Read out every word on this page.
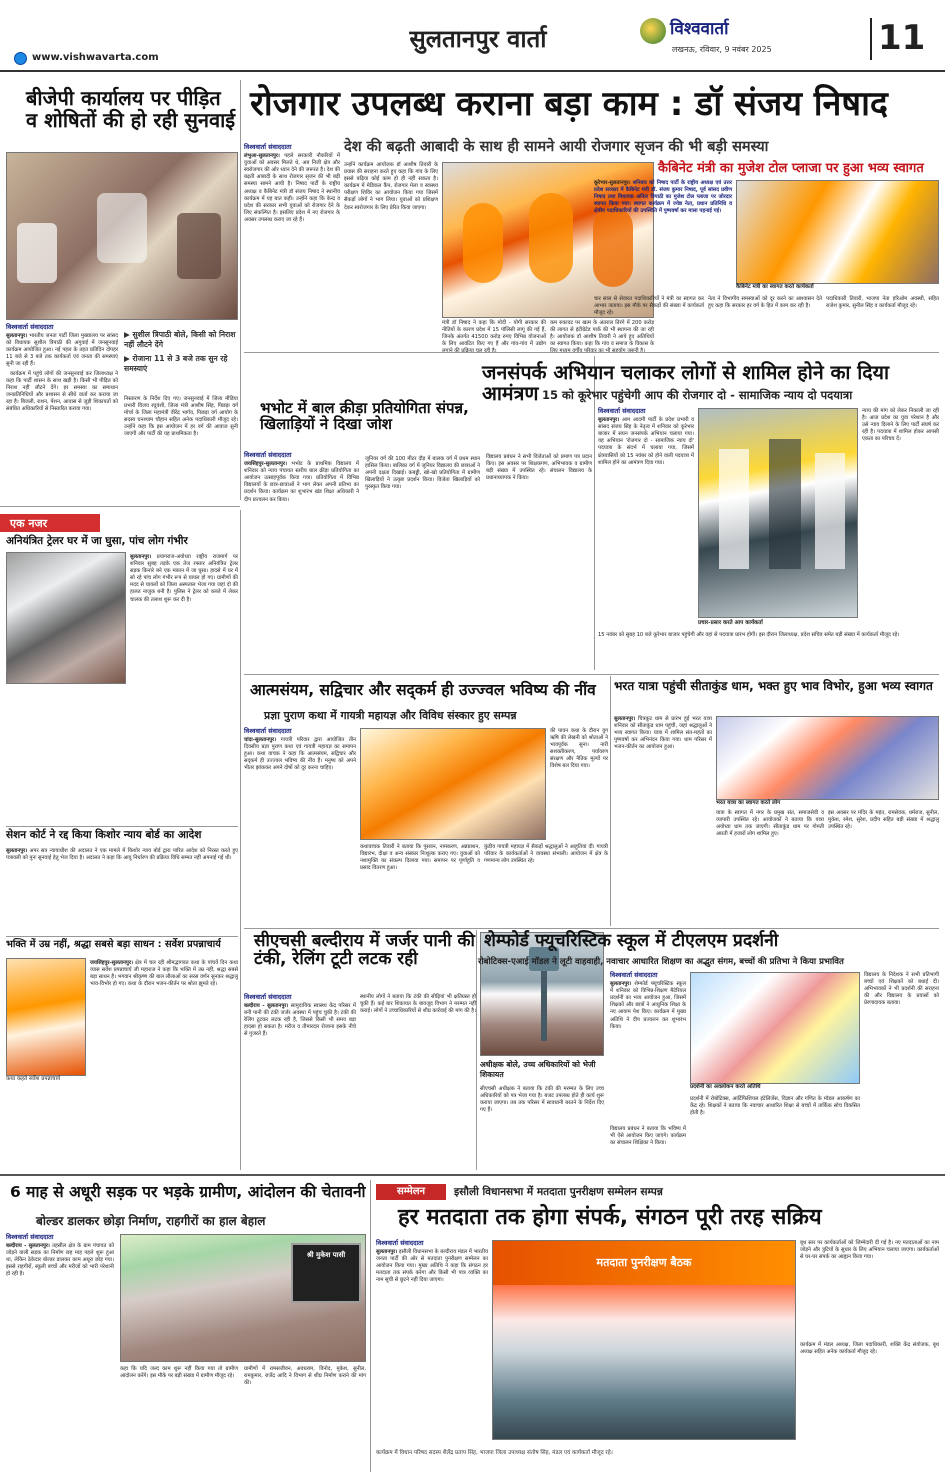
सुलतानपुर वार्ता	विश्ववार्ता
लखनऊ, रविवार, 9 नवंबर 2025	11
www.vishwavarta.com
बीजेपी कार्यालय पर पीड़ित व शोषितों की हो रही सुनवाई
विश्ववार्ता संवाददाता
सुलतानपुर। भारतीय जनता पार्टी जिला मुख्यालय पर सांसद को विधायक सुशील त्रिपाठी की अगुवाई में जनसुनवाई कार्यक्रम आयोजित हुआ। नई पहल के तहत प्रतिदिन दोपहर 11 बजे से 3 बजे तक कार्यकर्ता एवं जनता की समस्याएं सुनी जा रही हैं।

कार्यक्रम में पहुंचे लोगों की जनसुनवाई कर जिलाध्यक्ष ने कहा कि पार्टी शासन के साथ खड़ी है। किसी भी पीड़ित को निराश नहीं लौटने देंगे। हर समस्या का समाधान जनप्रतिनिधियों और प्रशासन से सीधे वार्ता कर कराया जा रहा है। बिजली, राशन, पेंशन, आवास से जुड़ी शिकायतों को संबंधित अधिकारियों से निस्तारित कराया गया।

▶ सुशील त्रिपाठी बोले, किसी को निराश नहीं लौटने देंगे
▶ रोजाना 11 से 3 बजे तक सुन रहे समस्याएं
निस्तारण के निर्देश दिए गए। जनसुनवाई में जिला मीडिया प्रभारी विजय रघुवंशी, जिला मंत्री आशीष सिंह, पिछड़ा वर्ग मोर्चा के जिला महामंत्री वीरेंद्र भार्गव, पिछड़ा वर्ग आयोग के सदस्य घनश्याम चौहान सहित अनेक पदाधिकारी मौजूद रहे। उन्होंने कहा कि इस आयोजन में हर वर्ग की आवाज सुनी जाएगी और पार्टी की यह प्राथमिकता है।
रोजगार उपलब्ध कराना बड़ा काम : डॉ संजय निषाद
देश की बढ़ती आबादी के साथ ही सामने आयी रोजगार सृजन की भी बड़ी समस्या
विश्ववार्ता संवाददाता
लंभुआ-सुलतानपुर। पहले सरकारी नौकरियों में युवाओं को अवसर मिलते थे, अब निजी क्षेत्र और स्वरोजगार की ओर ध्यान देने की जरूरत है। देश की बढ़ती आबादी के साथ रोजगार सृजन की भी बड़ी समस्या सामने आयी है। निषाद पार्टी के राष्ट्रीय अध्यक्ष व कैबिनेट मंत्री डॉ संजय निषाद ने स्थानीय कार्यक्रम में यह बात कही। उन्होंने कहा कि केन्द्र व प्रदेश की सरकार सभी युवाओं को रोजगार देने के लिए संकल्पित है। इसलिए प्रदेश में नए रोजगार के अवसर उपलब्ध कराए जा रहे हैं।
उन्होंने कार्यक्रम आयोजक डॉ आशीष तिवारी के प्रयास की सराहना करते हुए कहा कि गांव के लिए इससे बढ़िया कोई काम हो ही नहीं सकता है। कार्यक्रम में मेडिकल कैंप, रोजगार मेला व स्वास्थ्य परीक्षण शिविर का आयोजन किया गया जिसमें सैकड़ों लोगों ने भाग लिया। युवाओं को प्रशिक्षण देकर स्वरोजगार के लिए प्रेरित किया जाएगा।
मंत्री डॉ निषाद ने कहा कि मोदी - योगी सरकार की नीतियों के कारण प्रदेश में 15 पॉलिसी लागू की गई हैं, जिनके अंतर्गत 41500 करोड़ रुपए विभिन्न योजनाओं के लिए आवंटित किए गए हैं और गांव-गांव में उद्योग
कम रुकावट पर खत्म के अंतराल तिरंगे में 200 करोड़ की लागत से इंटीग्रेटेड पार्क की भी स्थापना की जा रही है। आयोजक डॉ आशीष तिवारी ने आये हुए अतिथियों का स्वागत किया। कहा कि गांव व समाज के विकास के
कैबिनेट मंत्री का मुजेश टोल प्लाजा पर हुआ भव्य स्वागत
कूरेभार-सुलतानपुर। शनिवार को निषाद पार्टी के राष्ट्रीय अध्यक्ष एवं उत्तर प्रदेश सरकार में कैबिनेट मंत्री डॉ. संजय कुमार निषाद, पूर्व सांसद प्रवीण निषाद तथा विधायक अनिल त्रिपाठी का मुजेश टोल प्लाजा पर जोरदार स्वागत किया गया। स्वागत कार्यक्रम में ज्येष्ठ नेता, प्रधान प्रतिनिधि व क्षेत्रीय पदाधिकारियों की उपस्थिति में पुष्पवर्षा कर माला पहनाई गई।
कैबिनेट मंत्री का स्वागत करते कार्यकर्ता
चार साल से सेवारत पदाधिकारियों ने मंत्री का स्वागत कर आभार जताया। इस मौके पर सैकड़ों की संख्या में कार्यकर्ता मौजूद रहे।
नेता ने विभागीय समस्याओं को दूर करने का आश्वासन देते हुए कहा कि सरकार हर वर्ग के हित में काम कर रही है।
पदाधिकारी तिवारी, भाजपा नेता हरिओम अवस्थी, सहित राजेश कुमार, सुनील सिंह व कार्यकर्ता मौजूद रहे।
भभोट में बाल क्रीड़ा प्रतियोगिता संपन्न, खिलाड़ियों ने दिखा जोश
विश्ववार्ता संवाददाता
जयसिंहपुर-सुलतानपुर। भभोट के प्राथमिक विद्यालय में शनिवार को न्याय पंचायत स्तरीय बाल क्रीड़ा प्रतियोगिता का आयोजन उत्साहपूर्वक किया गया। प्रतियोगिता में विभिन्न विद्यालयों के छात्र-छात्राओं ने भाग लेकर अपनी प्रतिभा का प्रदर्शन किया। कार्यक्रम का शुभारंभ खंड शिक्षा अधिकारी ने दीप प्रज्वलन कर किया।
जूनियर वर्ग की 100 मीटर दौड़ में बालक वर्ग में प्रथम स्थान हासिल किया। बालिका वर्ग में जूनियर विद्यालय की छात्राओं ने अपनी दक्षता दिखाई। कबड्डी, खो-खो प्रतियोगिता में ग्रामीण खिलाड़ियों ने उत्कृष्ट प्रदर्शन किया। विजेता खिलाड़ियों को पुरस्कृत किया गया।
विद्यालय प्रबंधन ने सभी विजेताओं को प्रमाण पत्र प्रदान किए। इस अवसर पर शिक्षकगण, अभिभावक व ग्रामीण बड़ी संख्या में उपस्थित रहे। संचालन विद्यालय के प्रधानाध्यापक ने किया।
जनसंपर्क अभियान चलाकर लोगों से शामिल होने का दिया आमंत्रण 15 को कूरेभार पहुंचेगी आप की रोजगार दो - सामाजिक न्याय दो पदयात्रा
विश्ववार्ता संवाददाता
सुलतानपुर। आम आदमी पार्टी के प्रदेश प्रभारी व सांसद संजय सिंह के नेतृत्व में शनिवार को कूरेभार बाजार में सघन जनसंपर्क अभियान चलाया गया। यह अभियान 'रोजगार दो - सामाजिक न्याय दो' पदयात्रा के संदर्भ में चलाया गया, जिसमें क्षेत्रवासियों को 15 नवंबर को होने वाली पदयात्रा में शामिल होने का आमंत्रण दिया गया।
प्रचार-प्रसार करते आप कार्यकर्ता
न्याय की मांग को लेकर निकाली जा रही है। आज प्रदेश का युवा परेशान है और उसे न्याय दिलाने के लिए पार्टी संघर्ष कर रही है। पदयात्रा में शामिल होकर आपसी एकता का परिचय दें।
15 नवंबर को सुबह 10 बजे कूरेभार बाजार पहुंचेगी और वहां से पदयात्रा प्रारंभ होगी। इस दौरान जिलाध्यक्ष, प्रदेश सचिव समेत बड़ी संख्या में कार्यकर्ता मौजूद रहे।
एक नजर
अनियंत्रित ट्रेलर घर में जा घुसा, पांच लोग गंभीर
सुलतानपुर। प्रयागराज-अयोध्या राष्ट्रीय राजमार्ग पर शनिवार सुबह तड़के एक तेज रफ्तार अनियंत्रित ट्रेलर सड़क किनारे बने एक मकान में जा घुसा। हादसे में घर में सो रहे पांच लोग गंभीर रूप से घायल हो गए। ग्रामीणों की मदद से घायलों को जिला अस्पताल भेजा गया जहां दो की हालत नाजुक बनी है। पुलिस ने ट्रेलर को कब्जे में लेकर चालक की तलाश शुरू कर दी है।
सेशन कोर्ट ने रद्द किया किशोर न्याय बोर्ड का आदेश
सुलतानपुर। अपर सत्र न्यायाधीश की अदालत ने एक मामले में किशोर न्याय बोर्ड द्वारा पारित आदेश को निरस्त करते हुए पत्रावली को पुनः सुनवाई हेतु भेज दिया है। अदालत ने कहा कि आयु निर्धारण की प्रक्रिया विधि सम्मत नहीं अपनाई गई थी।
भक्ति में उम्र नहीं, श्रद्धा सबसे बड़ा साधन : सर्वेश प्रपन्नाचार्य
कथा कहते सर्वेश प्रपन्नाचार्य
जयसिंहपुर-सुलतानपुर। क्षेत्र में चल रही श्रीमद्भागवत कथा के पांचवें दिन कथा व्यास सर्वेश प्रपन्नाचार्य जी महाराज ने कहा कि भक्ति में उम्र नहीं, श्रद्धा सबसे बड़ा साधन है। भगवान श्रीकृष्ण की बाल लीलाओं का सरस वर्णन सुनकर श्रद्धालु भाव-विभोर हो गए। कथा के दौरान भजन-कीर्तन पर श्रोता झूमते रहे।
आत्मसंयम, सद्विचार और सद्कर्म ही उज्ज्वल भविष्य की नींव
प्रज्ञा पुराण कथा में गायत्री महायज्ञ और विविध संस्कार हुए सम्पन्न
विश्ववार्ता संवाददाता
चांदा-सुलतानपुर। गायत्री परिवार द्वारा आयोजित तीन दिवसीय प्रज्ञा पुराण कथा एवं गायत्री महायज्ञ का समापन हुआ। कथा वाचक ने कहा कि आत्मसंयम, सद्विचार और सद्कर्म ही उज्ज्वल भविष्य की नींव हैं। मनुष्य को अपने भीतर झांककर अपने दोषों को दूर करना चाहिए।
की पावन कथा के दौरान युग ऋषि की लेखनी को श्रोताओं ने भावपूर्वक सुना। नारी सशक्तीकरण, पर्यावरण संरक्षण और नैतिक मूल्यों पर विशेष बल दिया गया।
कथावाचक तिवारी ने बताया कि पुंसवन, नामकरण, अन्नप्राशन, विद्यारंभ, दीक्षा व अन्य संस्कार निःशुल्क कराए गए। युवाओं को नशामुक्ति का संकल्प दिलाया गया। समापन पर पूर्णाहुति व प्रसाद वितरण हुआ।
कुंडीय गायत्री महायज्ञ में सैकड़ों श्रद्धालुओं ने आहुतियां दीं। गायत्री परिवार के कार्यकर्ताओं ने व्यवस्था संभाली। आयोजन में क्षेत्र के गणमान्य लोग उपस्थित रहे।
भरत यात्रा पहुंची सीताकुंड धाम, भक्त हुए भाव विभोर, हुआ भव्य स्वागत
सुलतानपुर। चित्रकूट धाम से प्रारंभ हुई भरत यात्रा शनिवार को सीताकुंड धाम पहुंची, जहां श्रद्धालुओं ने भव्य स्वागत किया। यात्रा में शामिल संत-महंतों का पुष्पवर्षा कर अभिनंदन किया गया। धाम परिसर में भजन-कीर्तन का आयोजन हुआ।
भरत यात्रा का स्वागत करते लोग
यात्रा के स्वागत में नगर के प्रमुख संत, समाजसेवी व व्यापारी उपस्थित रहे। आयोजकों ने बताया कि यात्रा अयोध्या धाम तक जाएगी। सीताकुंड धाम पर गोमती आरती में हजारों लोग शामिल हुए।
इस अवसर पर मंदिर के महंत, रामसेवक, धर्मराज, सुनील, मुकेश, रमेश, सुरेश, प्रदीप सहित बड़ी संख्या में श्रद्धालु उपस्थित रहे।
सीएचसी बल्दीराय में जर्जर पानी की टंकी, रेलिंग टूटी लटक रही
विश्ववार्ता संवाददाता
बल्दीराय - सुलतानपुर। सामुदायिक स्वास्थ्य केंद्र परिसर में बनी पानी की टंकी जर्जर अवस्था में पहुंच चुकी है। टंकी की रेलिंग टूटकर लटक रही है, जिससे किसी भी समय बड़ा हादसा हो सकता है। मरीज व तीमारदार रोजाना इसके नीचे से गुजरते हैं।
स्थानीय लोगों ने बताया कि टंकी की सीढ़ियां भी क्षतिग्रस्त हो चुकी हैं। कई बार शिकायत के बावजूद विभाग ने मरम्मत नहीं कराई। लोगों ने उच्चाधिकारियों से शीघ्र कार्रवाई की मांग की है।
अधीक्षक बोले, उच्च अधिकारियों को भेजी शिकायत
सीएचसी अधीक्षक ने बताया कि टंकी की मरम्मत के लिए उच्च अधिकारियों को पत्र भेजा गया है। बजट उपलब्ध होते ही कार्य शुरू कराया जाएगा। तब तक परिसर में सावधानी बरतने के निर्देश दिए गए हैं।
शेम्फोर्ड फ्यूचरिस्टिक स्कूल में टीएलएम प्रदर्शनी
रोबोटिक्स-एआई मॉडल ने लूटी वाहवाही, नवाचार आधारित शिक्षण का अद्भुत संगम, बच्चों की प्रतिभा ने किया प्रभावित
विश्ववार्ता संवाददाता
सुलतानपुर। शेम्फोर्ड फ्यूचरिस्टिक स्कूल में शनिवार को विभिन्न-शिक्षण मैटेरियल प्रदर्शनी का भव्य आयोजन हुआ, जिसमें शिक्षकों और छात्रों ने आधुनिक शिक्षा के नए आयाम पेश किए। कार्यक्रम में मुख्य अतिथि ने दीप प्रज्वलन कर शुभारंभ किया।
प्रदर्शनी का अवलोकन करते अतिथि
प्रदर्शनी में रोबोटिक्स, आर्टिफिशियल इंटेलिजेंस, विज्ञान और गणित के मॉडल आकर्षण का केंद्र रहे। शिक्षकों ने बताया कि नवाचार आधारित शिक्षा से बच्चों में तार्किक सोच विकसित होती है।
विद्यालय के निदेशक ने सभी प्रतिभागी बच्चों एवं शिक्षकों को बधाई दी। अभिभावकों ने भी प्रदर्शनी की सराहना की और विद्यालय के प्रयासों को प्रेरणादायक बताया।
विद्यालय प्रबंधन ने बताया कि भविष्य में भी ऐसे आयोजन किए जाएंगे। कार्यक्रम का संचालन शिक्षिका ने किया।
6 माह से अधूरी सड़क पर भड़के ग्रामीण, आंदोलन की चेतावनी
बोल्डर डालकर छोड़ा निर्माण, राहगीरों का हाल बेहाल
विश्ववार्ता संवाददाता
बल्दीराय - सुलतानपुर। तहसील क्षेत्र के ग्राम पंचायत को जोड़ने वाली सड़क का निर्माण छह माह पहले शुरू हुआ था, लेकिन ठेकेदार बोल्डर डालकर काम अधूरा छोड़ गया। इससे राहगीरों, स्कूली बच्चों और मरीजों को भारी परेशानी हो रही है।
श्री मुकेश पासी
कहा कि यदि जल्द काम शुरू नहीं किया गया तो ग्रामीण आंदोलन करेंगे। इस मौके पर बड़ी संख्या में ग्रामीण मौजूद रहे।
ग्रामीणों में रामसजीवन, अवधराम, विनोद, मुकेश, सुनील, रामकुमार, राजेंद्र आदि ने विभाग से शीघ्र निर्माण कराने की मांग की।
सम्मेलन	इसौली विधानसभा में मतदाता पुनरीक्षण सम्मेलन सम्पन्न
हर मतदाता तक होगा संपर्क, संगठन पूरी तरह सक्रिय
विश्ववार्ता संवाददाता
सुलतानपुर। इसौली विधानसभा के बल्दीराय मंडल में भारतीय जनता पार्टी की ओर से मतदाता पुनरीक्षण सम्मेलन का आयोजन किया गया। मुख्य अतिथि ने कहा कि संगठन हर मतदाता तक संपर्क करेगा और किसी भी पात्र व्यक्ति का नाम सूची से छूटने नहीं दिया जाएगा।
मतदाता पुनरीक्षण बैठक
बूथ स्तर पर कार्यकर्ताओं को जिम्मेदारी दी गई है। नए मतदाताओं का नाम जोड़ने और त्रुटियों के सुधार के लिए अभियान चलाया जाएगा। कार्यकर्ताओं से घर-घर संपर्क का आह्वान किया गया।
कार्यक्रम में मंडल अध्यक्ष, जिला पदाधिकारी, शक्ति केंद्र संयोजक, बूथ अध्यक्ष सहित अनेक कार्यकर्ता मौजूद रहे।
कार्यक्रम में विधान परिषद सदस्य शैलेंद्र प्रताप सिंह, भाजपा जिला उपाध्यक्ष संतोष सिंह, मंडल एवं कार्यकर्ता मौजूद रहे।
